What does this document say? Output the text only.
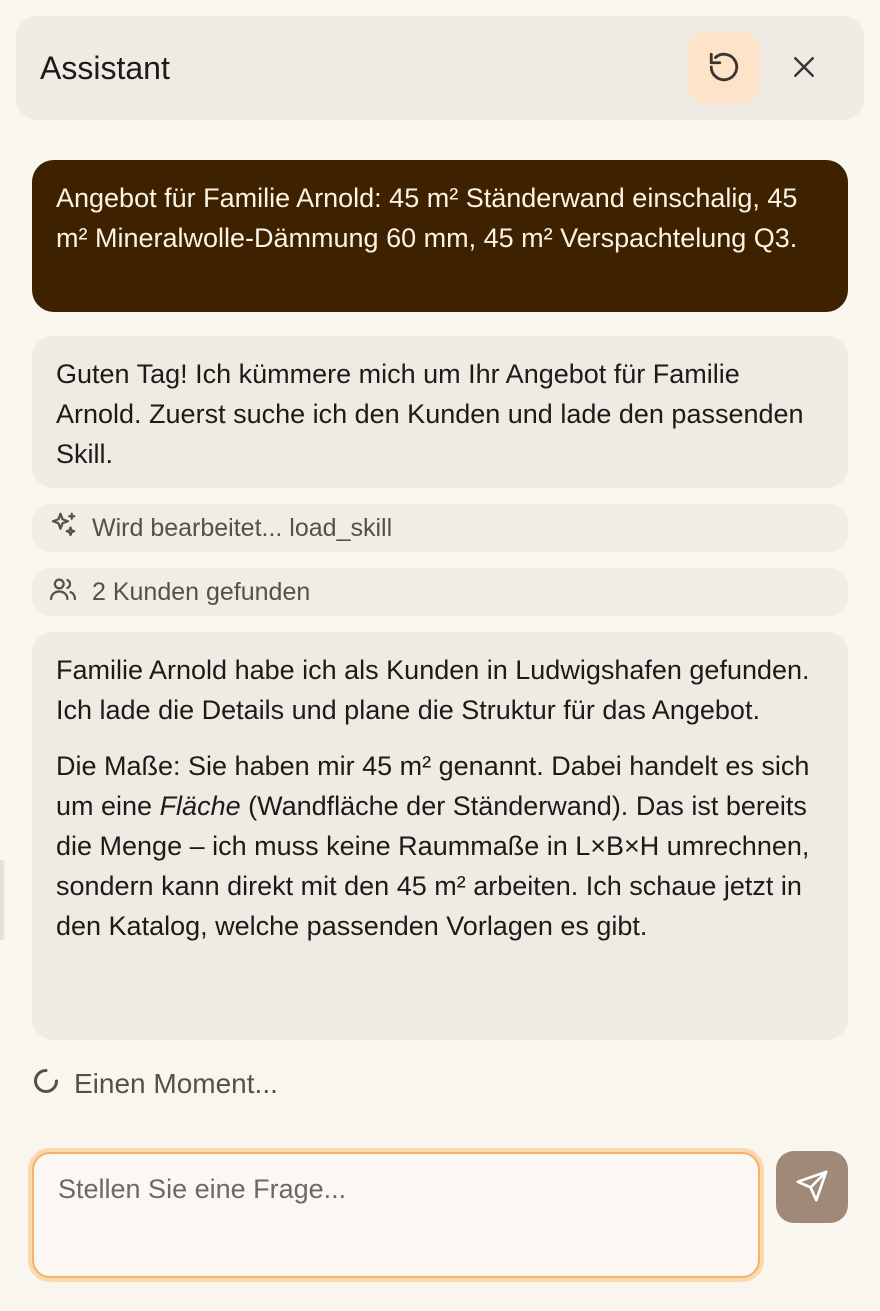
Assistant

Angebot für Familie Arnold: 45 m² Ständerwand einschalig, 45 m² Mineralwolle-Dämmung 60 mm, 45 m² Verspachtelung Q3.

Guten Tag! Ich kümmere mich um Ihr Angebot für Familie Arnold. Zuerst suche ich den Kunden und lade den passenden Skill.

Wird bearbeitet... load_skill
2 Kunden gefunden

Familie Arnold habe ich als Kunden in Ludwigshafen gefunden. Ich lade die Details und plane die Struktur für das Angebot.

Die Maße: Sie haben mir 45 m² genannt. Dabei handelt es sich um eine Fläche (Wandfläche der Ständerwand). Das ist bereits die Menge – ich muss keine Raummaße in L×B×H umrechnen, sondern kann direkt mit den 45 m² arbeiten. Ich schaue jetzt in den Katalog, welche passenden Vorlagen es gibt.

Einen Moment...
Stellen Sie eine Frage...
